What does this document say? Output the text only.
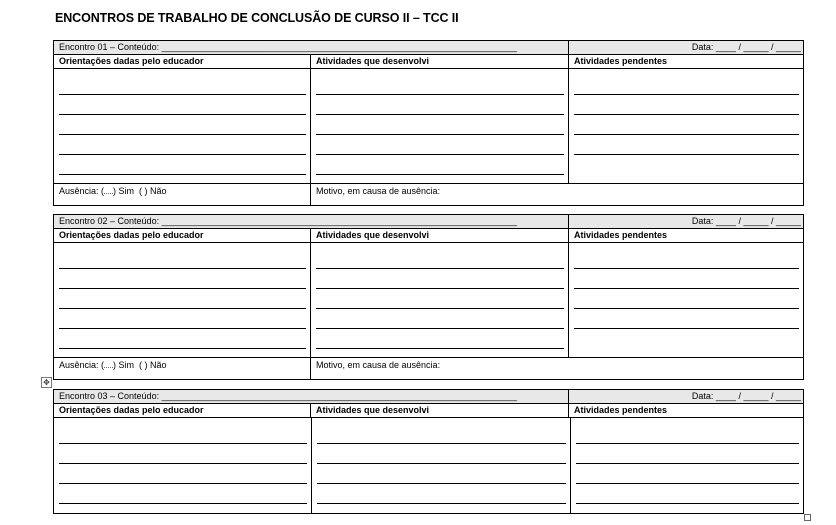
ENCONTROS DE TRABALHO DE CONCLUSÃO DE CURSO II – TCC II
Encontro 01 – Conteúdo: _______________________________________________________________________	Data: ____ / _____ / _____
Orientações dadas pelo educador	Atividades que desenvolvi	Atividades pendentes
Ausência: ( ) Sim ( ) Não	Motivo, em causa de ausência:
Encontro 02 – Conteúdo: _______________________________________________________________________	Data: ____ / _____ / _____
Orientações dadas pelo educador	Atividades que desenvolvi	Atividades pendentes
Ausência: ( ) Sim ( ) Não	Motivo, em causa de ausência:
✥
Encontro 03 – Conteúdo: _______________________________________________________________________	Data: ____ / _____ / _____
Orientações dadas pelo educador	Atividades que desenvolvi	Atividades pendentes
